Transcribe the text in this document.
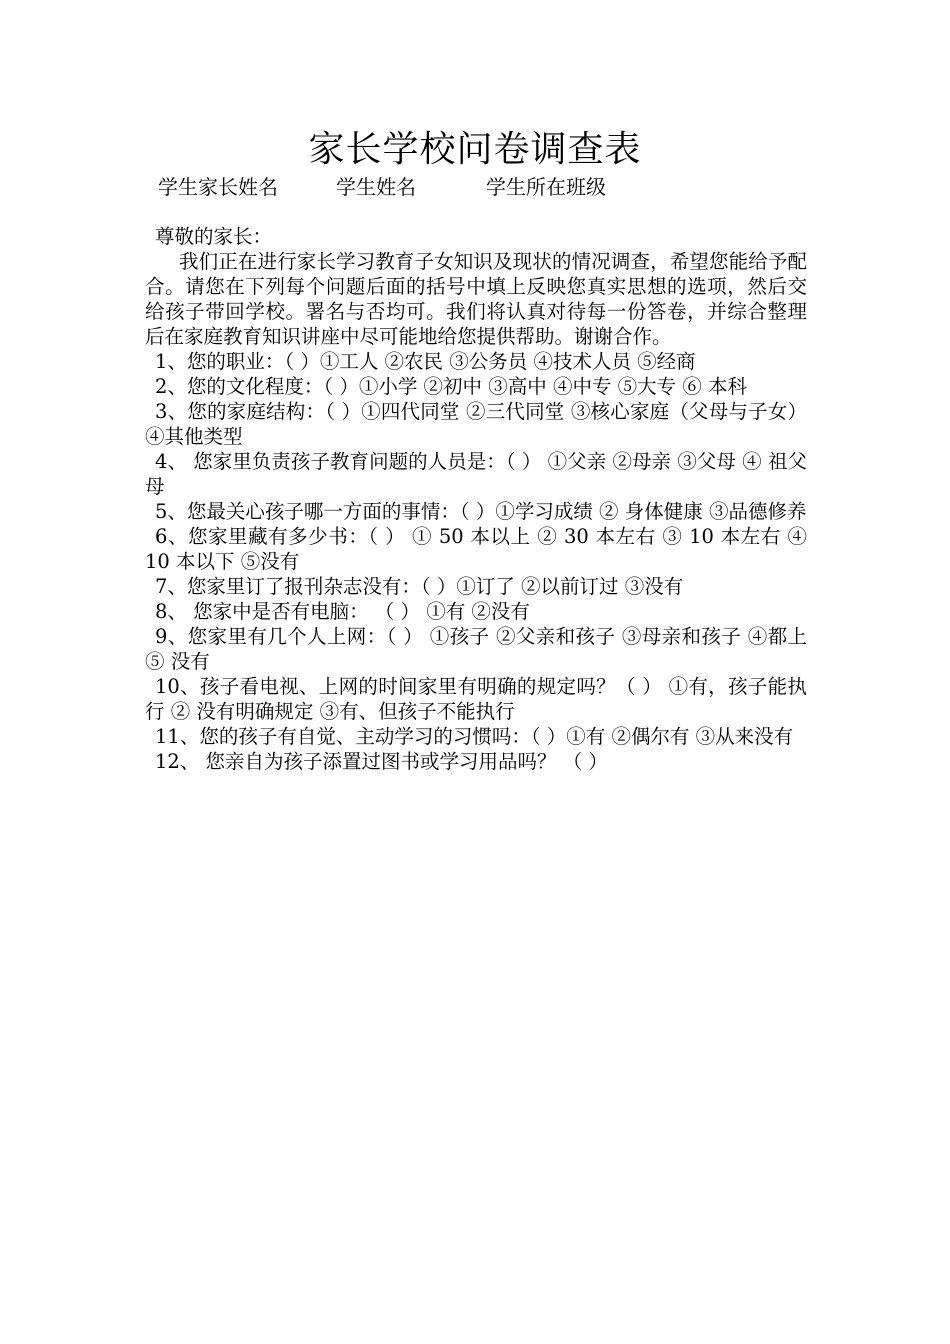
家长学校问卷调查表
学生家长姓名	学生姓名	学生所在班级

尊敬的家长：

我们正在进行家长学习教育子女知识及现状的情况调查，希望您能给予配合。请您在下列每个问题后面的括号中填上反映您真实思想的选项，然后交给孩子带回学校。署名与否均可。我们将认真对待每一份答卷，并综合整理后在家庭教育知识讲座中尽可能地给您提供帮助。谢谢合作。

1、您的职业：（ ）①工人 ②农民 ③公务员 ④技术人员 ⑤经商

2、您的文化程度：（ ）①小学 ②初中 ③高中 ④中专 ⑤大专 ⑥ 本科

3、您的家庭结构：（ ）①四代同堂 ②三代同堂 ③核心家庭（父母与子女） ④其他类型

4、 您家里负责孩子教育问题的人员是：（ ） ①父亲 ②母亲 ③父母 ④ 祖父母

5、您最关心孩子哪一方面的事情：（ ）①学习成绩 ② 身体健康 ③品德修养

6、您家里藏有多少书：（ ） ① 50 本以上 ② 30 本左右 ③ 10 本左右 ④ 10 本以下 ⑤没有

7、您家里订了报刊杂志没有：（ ）①订了 ②以前订过 ③没有

8、 您家中是否有电脑： （ ） ①有 ②没有

9、您家里有几个人上网：（ ） ①孩子 ②父亲和孩子 ③母亲和孩子 ④都上 ⑤ 没有

10、孩子看电视、上网的时间家里有明确的规定吗？（ ） ①有，孩子能执行 ② 没有明确规定 ③有、但孩子不能执行

11、您的孩子有自觉、主动学习的习惯吗：（ ）①有 ②偶尔有 ③从来没有

12、 您亲自为孩子添置过图书或学习用品吗？ （ ）
